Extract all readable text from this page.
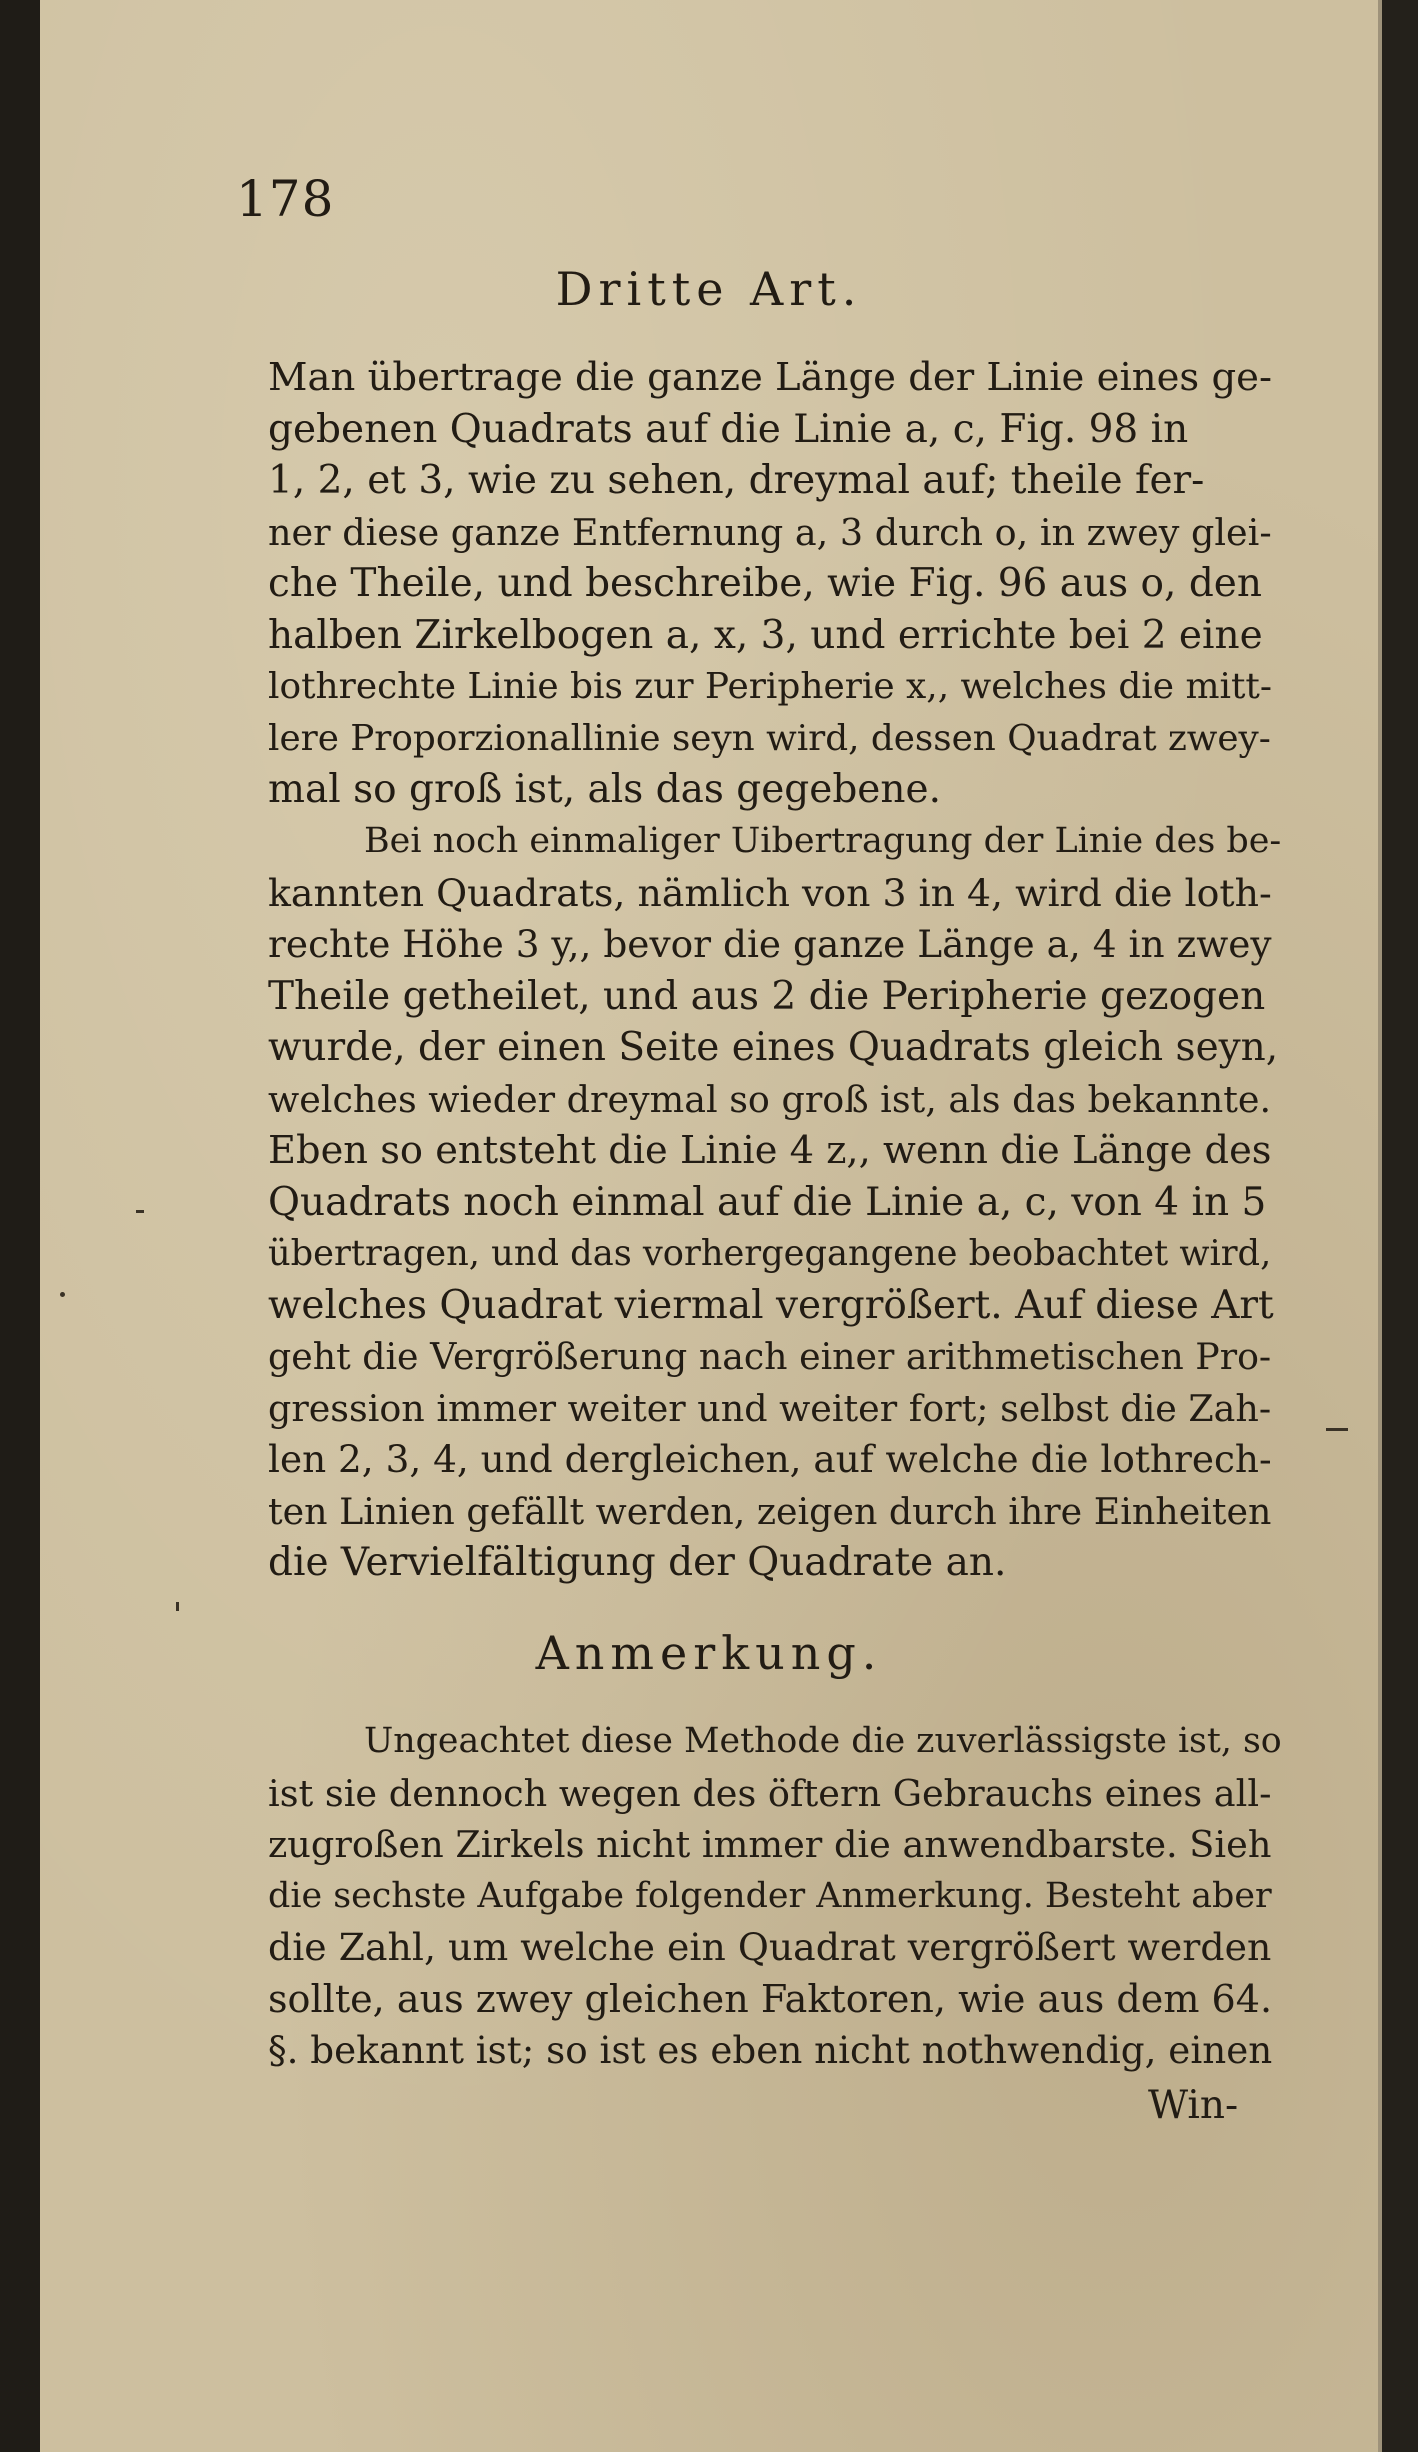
178
Dritte Art.
Man übertrage die ganze Länge der Linie eines ge-
gebenen Quadrats auf die Linie a, c, Fig. 98 in
1, 2, et 3, wie zu sehen, dreymal auf; theile fer-
ner diese ganze Entfernung a, 3 durch o, in zwey glei-
che Theile, und beschreibe, wie Fig. 96 aus o, den
halben Zirkelbogen a, x, 3, und errichte bei 2 eine
lothrechte Linie bis zur Peripherie x,, welches die mitt-
lere Proporzionallinie seyn wird, dessen Quadrat zwey-
mal so groß ist, als das gegebene.
Bei noch einmaliger Uibertragung der Linie des be-
kannten Quadrats, nämlich von 3 in 4, wird die loth-
rechte Höhe 3 y,, bevor die ganze Länge a, 4 in zwey
Theile getheilet, und aus 2 die Peripherie gezogen
wurde, der einen Seite eines Quadrats gleich seyn,
welches wieder dreymal so groß ist, als das bekannte.
Eben so entsteht die Linie 4 z,, wenn die Länge des
Quadrats noch einmal auf die Linie a, c, von 4 in 5
übertragen, und das vorhergegangene beobachtet wird,
welches Quadrat viermal vergrößert. Auf diese Art
geht die Vergrößerung nach einer arithmetischen Pro-
gression immer weiter und weiter fort; selbst die Zah-
len 2, 3, 4, und dergleichen, auf welche die lothrech-
ten Linien gefällt werden, zeigen durch ihre Einheiten
die Vervielfältigung der Quadrate an.
Anmerkung.
Ungeachtet diese Methode die zuverlässigste ist, so
ist sie dennoch wegen des öftern Gebrauchs eines all-
zugroßen Zirkels nicht immer die anwendbarste. Sieh
die sechste Aufgabe folgender Anmerkung. Besteht aber
die Zahl, um welche ein Quadrat vergrößert werden
sollte, aus zwey gleichen Faktoren, wie aus dem 64.
§. bekannt ist; so ist es eben nicht nothwendig, einen
Win-
